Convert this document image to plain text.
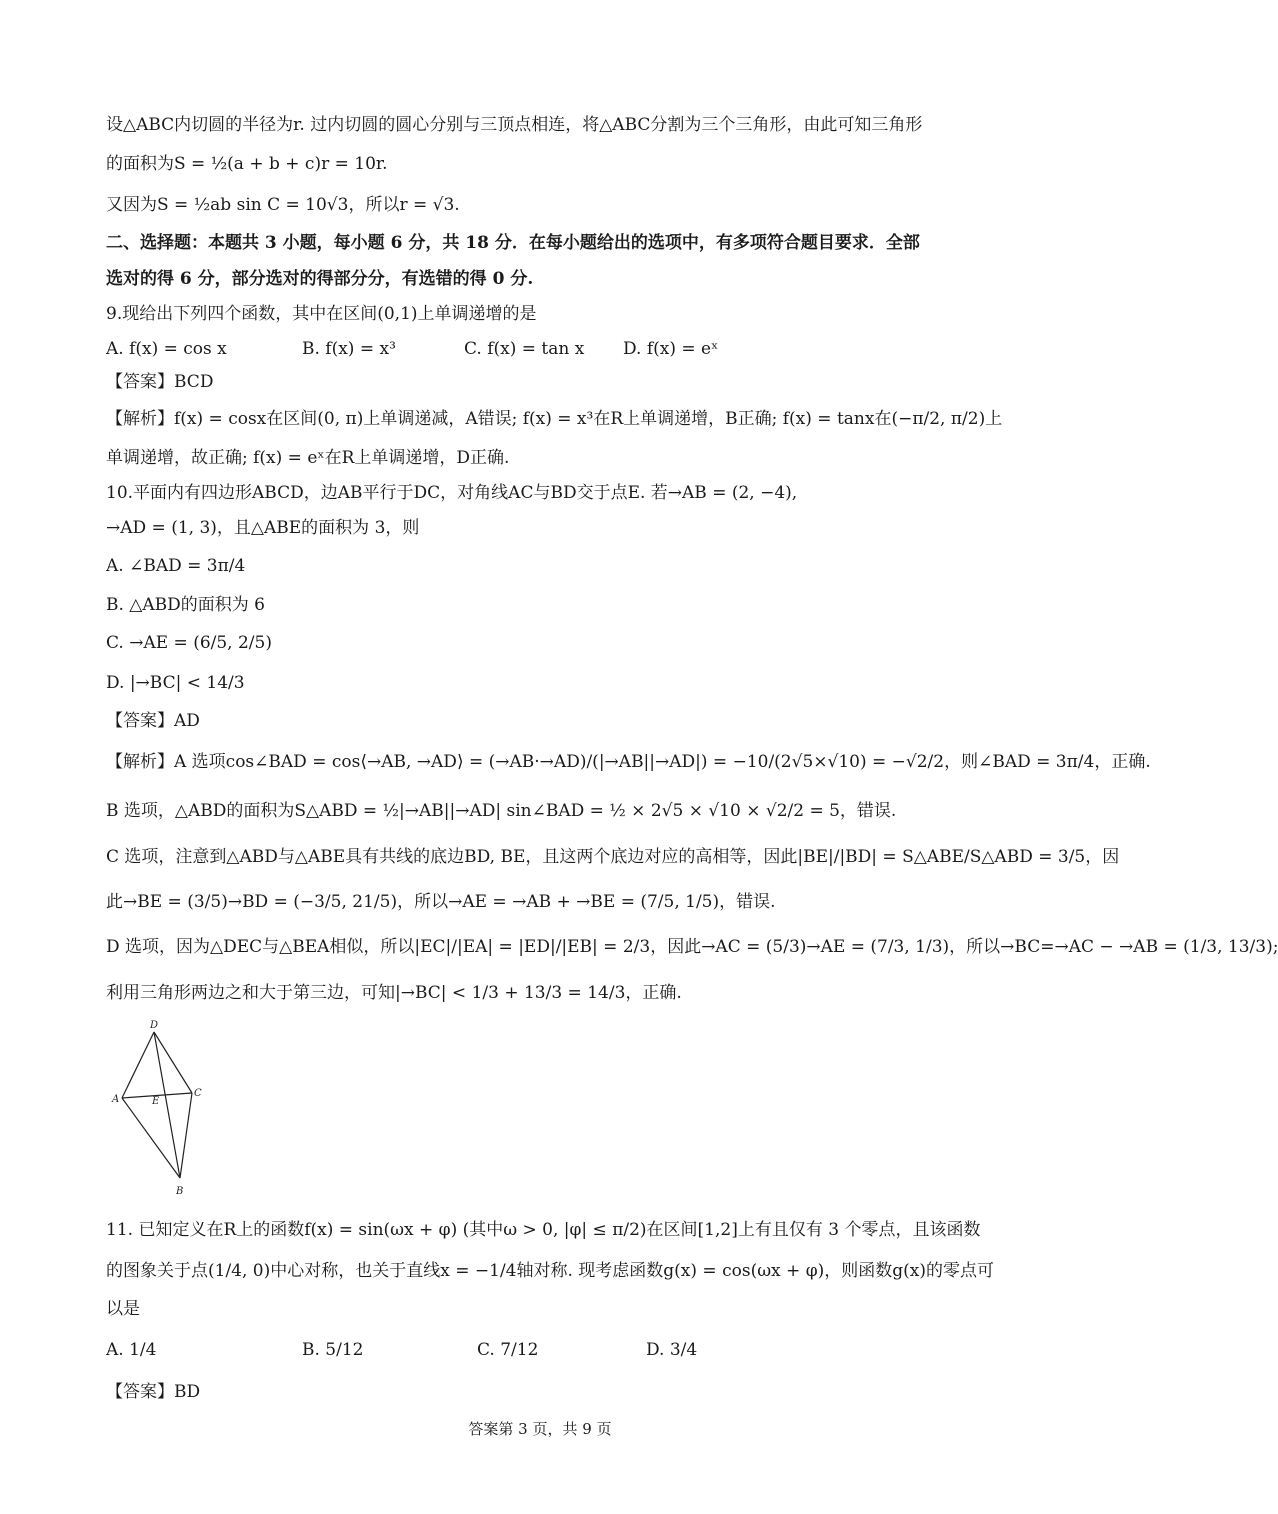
设△ABC内切圆的半径为r. 过内切圆的圆心分别与三顶点相连，将△ABC分割为三个三角形，由此可知三角形
的面积为S = ½(a + b + c)r = 10r.
又因为S = ½ab sin C = 10√3，所以r = √3.
二、选择题：本题共 3 小题，每小题 6 分，共 18 分．在每小题给出的选项中，有多项符合题目要求．全部
选对的得 6 分，部分选对的得部分分，有选错的得 0 分.
9.现给出下列四个函数，其中在区间(0,1)上单调递增的是
A. f(x) = cos x	B. f(x) = x³	C. f(x) = tan x D. f(x) = eˣ
【答案】BCD
【解析】f(x) = cosx在区间(0, π)上单调递减，A错误; f(x) = x³在R上单调递增，B正确; f(x) = tanx在(−π/2, π/2)上
单调递增，故正确; f(x) = eˣ在R上单调递增，D正确.
10.平面内有四边形ABCD，边AB平行于DC，对角线AC与BD交于点E. 若→AB = (2, −4),
→AD = (1, 3)，且△ABE的面积为 3，则
A. ∠BAD = 3π/4
B. △ABD的面积为 6
C. →AE = (6/5, 2/5)
D. |→BC| < 14/3
【答案】AD
【解析】A 选项cos∠BAD = cos⟨→AB, →AD⟩ = (→AB·→AD)/(|→AB||→AD|) = −10/(2√5×√10) = −√2/2，则∠BAD = 3π/4，正确.
B 选项，△ABD的面积为S△ABD = ½|→AB||→AD| sin∠BAD = ½ × 2√5 × √10 × √2/2 = 5，错误.
C 选项，注意到△ABD与△ABE具有共线的底边BD, BE，且这两个底边对应的高相等，因此|BE|/|BD| = S△ABE/S△ABD = 3/5，因
此→BE = (3/5)→BD = (−3/5, 21/5)，所以→AE = →AB + →BE = (7/5, 1/5)，错误.
D 选项，因为△DEC与△BEA相似，所以|EC|/|EA| = |ED|/|EB| = 2/3，因此→AC = (5/3)→AE = (7/3, 1/3)，所以→BC=→AC − →AB = (1/3, 13/3);
利用三角形两边之和大于第三边，可知|→BC| < 1/3 + 13/3 = 14/3，正确.
D
A	E
C
B
11. 已知定义在R上的函数f(x) = sin(ωx + φ) (其中ω > 0, |φ| ≤ π/2)在区间[1,2]上有且仅有 3 个零点，且该函数
的图象关于点(1/4, 0)中心对称，也关于直线x = −1/4轴对称. 现考虑函数g(x) = cos(ωx + φ)，则函数g(x)的零点可
以是
A. 1/4	B. 5/12	C. 7/12	D. 3/4
【答案】BD
答案第 3 页，共 9 页
